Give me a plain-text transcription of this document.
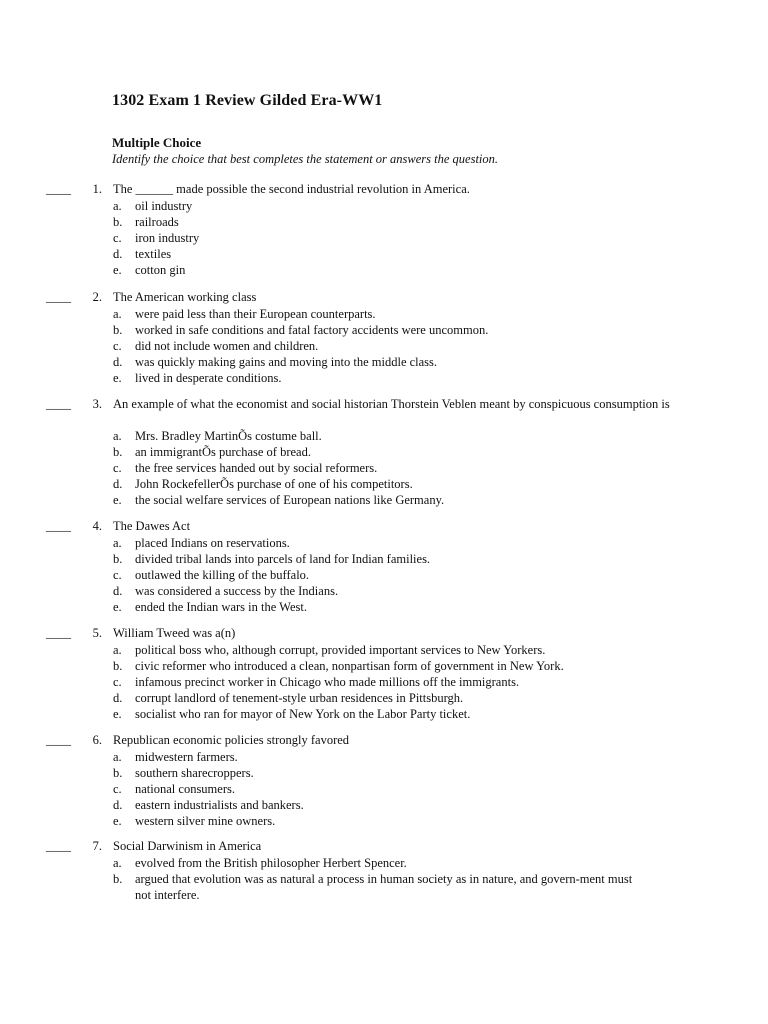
1302 Exam 1 Review Gilded Era-WW1
Multiple Choice
Identify the choice that best completes the statement or answers the question.
____	1. The ______ made possible the second industrial revolution in America.
a. oil industry
b. railroads
c. iron industry
d. textiles
e. cotton gin
____	2. The American working class
a. were paid less than their European counterparts.
b. worked in safe conditions and fatal factory accidents were uncommon.
c. did not include women and children.
d. was quickly making gains and moving into the middle class.
e. lived in desperate conditions.
____	3. An example of what the economist and social historian Thorstein Veblen meant by conspicuous consumption is
a. Mrs. Bradley MartinÕs costume ball.
b. an immigrantÕs purchase of bread.
c. the free services handed out by social reformers.
d. John RockefellerÕs purchase of one of his competitors.
e. the social welfare services of European nations like Germany.
____	4. The Dawes Act
a. placed Indians on reservations.
b. divided tribal lands into parcels of land for Indian families.
c. outlawed the killing of the buffalo.
d. was considered a success by the Indians.
e. ended the Indian wars in the West.
____	5. William Tweed was a(n)
a. political boss who, although corrupt, provided important services to New Yorkers.
b. civic reformer who introduced a clean, nonpartisan form of government in New York.
c. infamous precinct worker in Chicago who made millions off the immigrants.
d. corrupt landlord of tenement-style urban residences in Pittsburgh.
e. socialist who ran for mayor of New York on the Labor Party ticket.
____	6. Republican economic policies strongly favored
a. midwestern farmers.
b. southern sharecroppers.
c. national consumers.
d. eastern industrialists and bankers.
e. western silver mine owners.
____	7. Social Darwinism in America
a. evolved from the British philosopher Herbert Spencer.
b. argued that evolution was as natural a process in human society as in nature, and govern-ment must not interfere.
